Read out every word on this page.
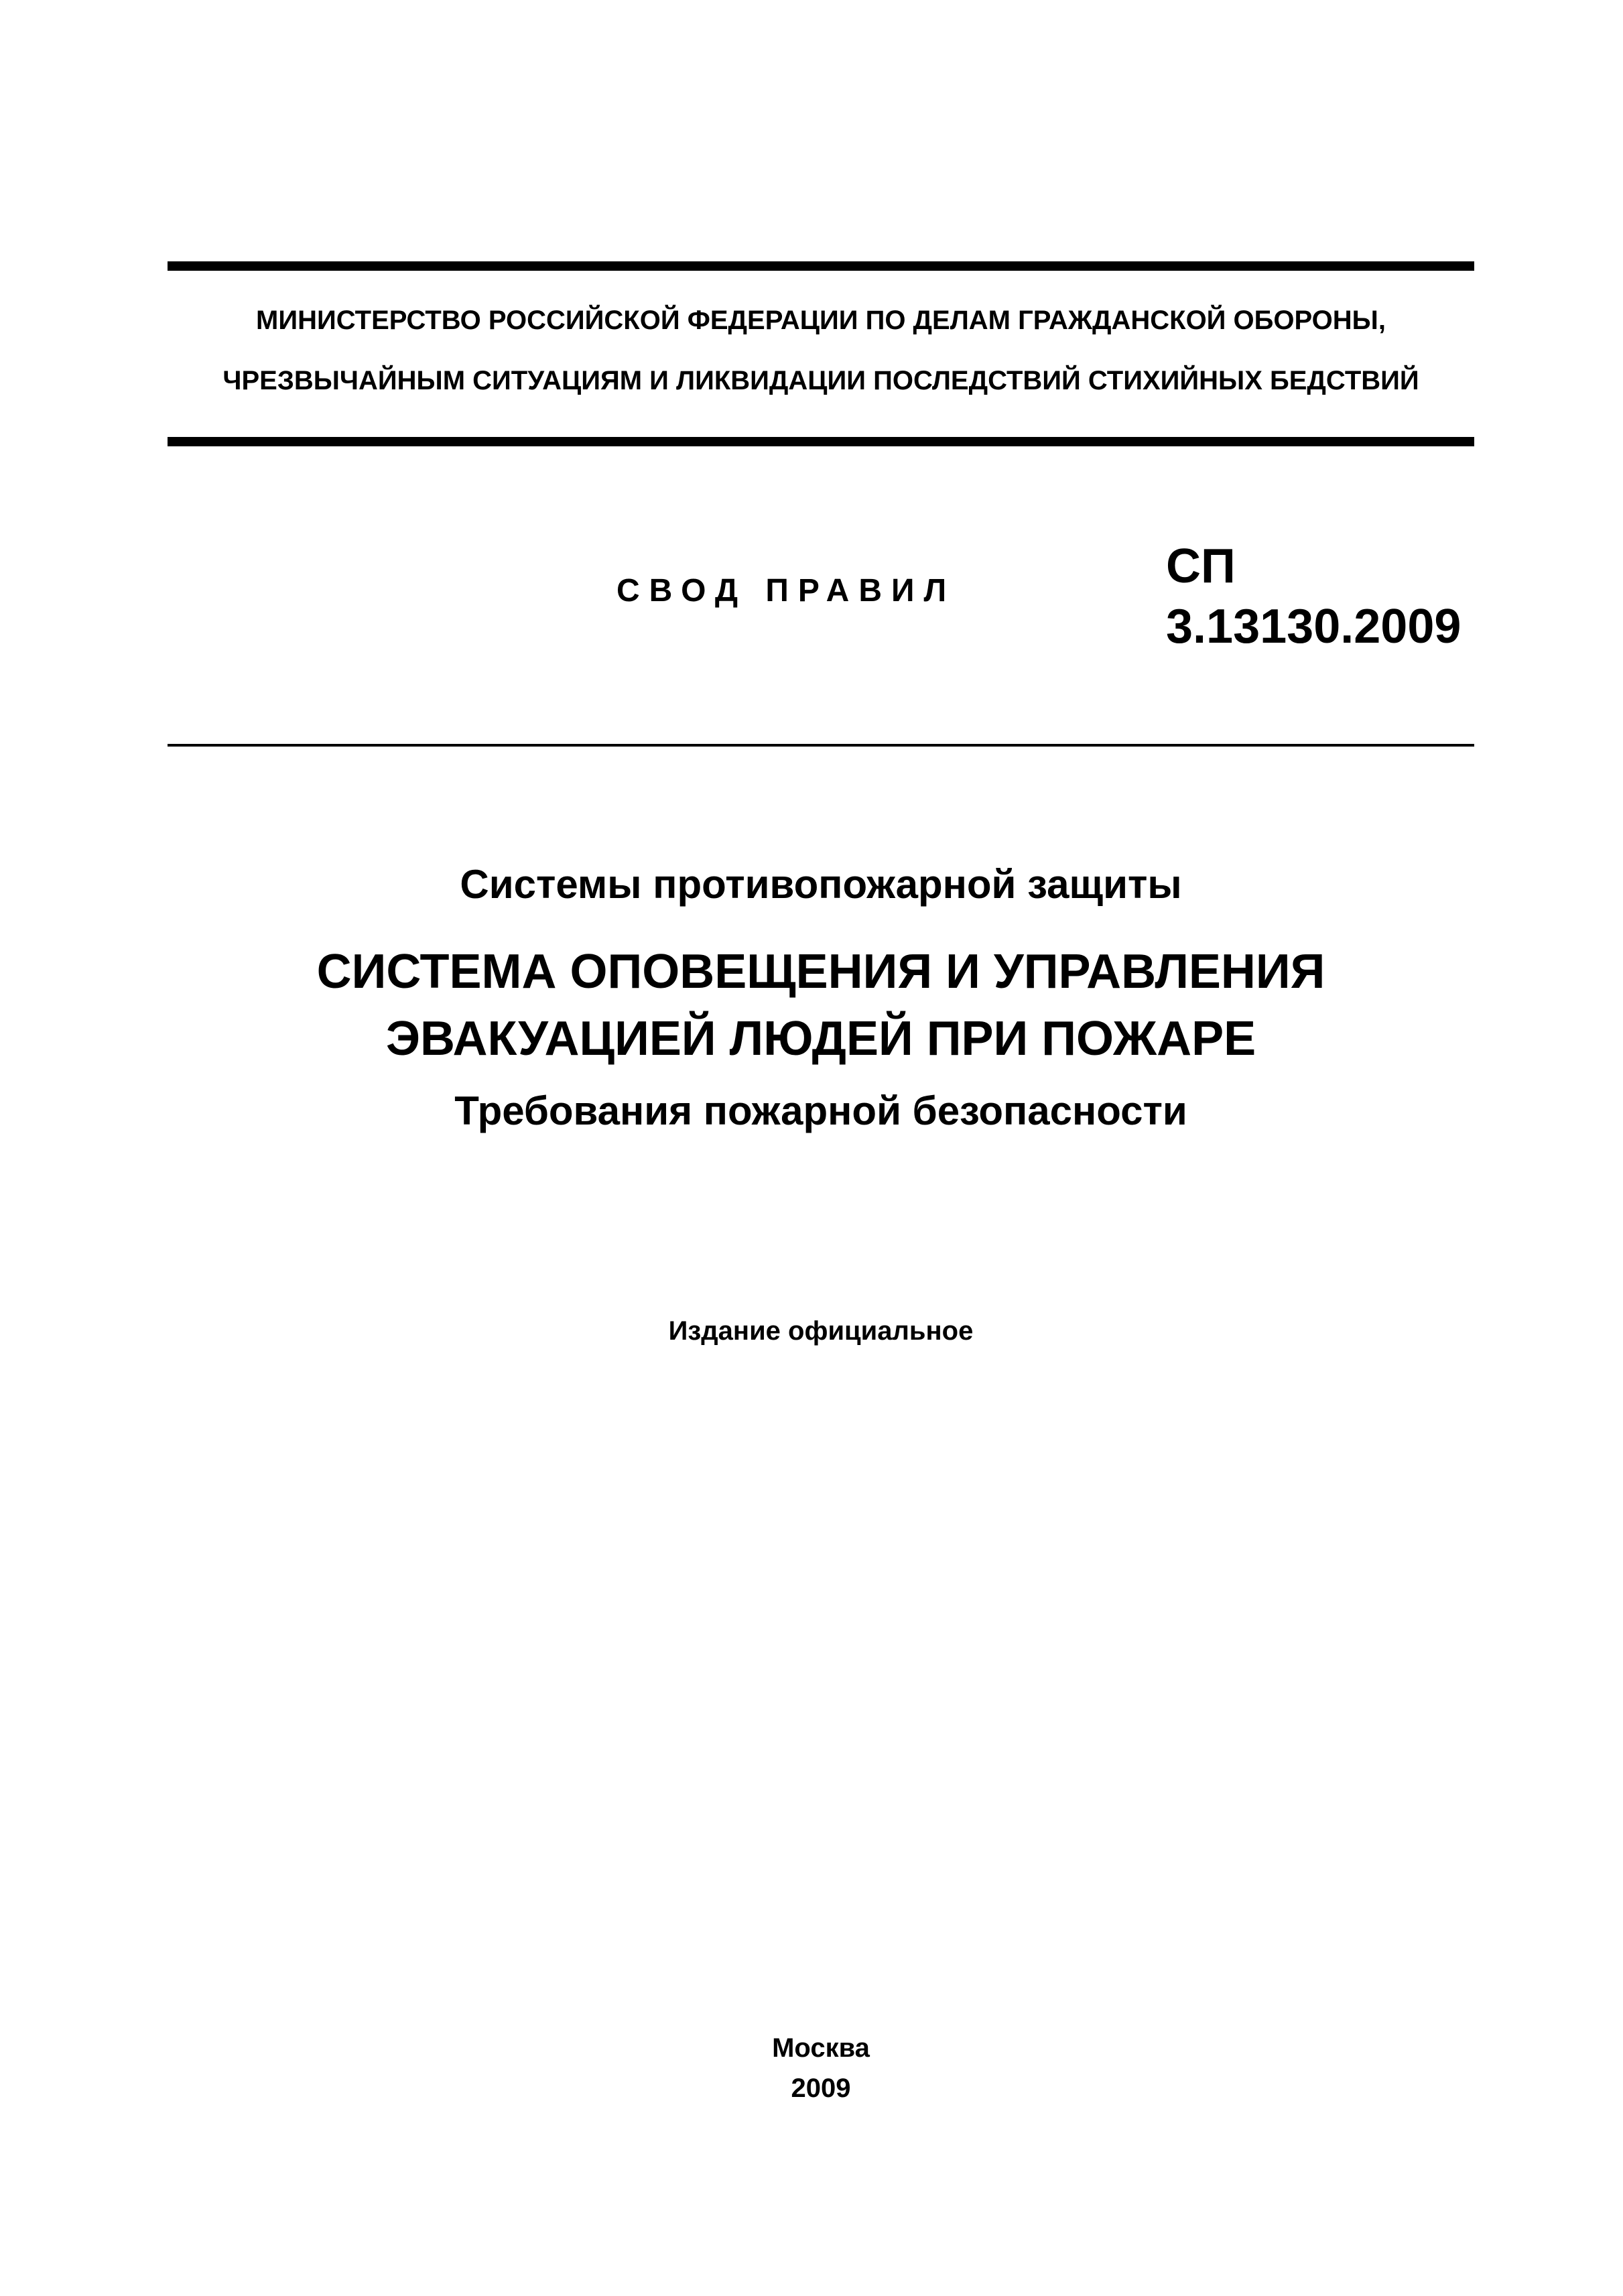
МИНИСТЕРСТВО РОССИЙСКОЙ ФЕДЕРАЦИИ ПО ДЕЛАМ ГРАЖДАНСКОЙ ОБОРОНЫ,
ЧРЕЗВЫЧАЙНЫМ СИТУАЦИЯМ И ЛИКВИДАЦИИ ПОСЛЕДСТВИЙ СТИХИЙНЫХ БЕДСТВИЙ
СВОД ПРАВИЛ	СП
3.13130.2009
Системы противопожарной защиты
СИСТЕМА ОПОВЕЩЕНИЯ И УПРАВЛЕНИЯ
ЭВАКУАЦИЕЙ ЛЮДЕЙ ПРИ ПОЖАРЕ
Требования пожарной безопасности
Издание официальное
Москва
2009
